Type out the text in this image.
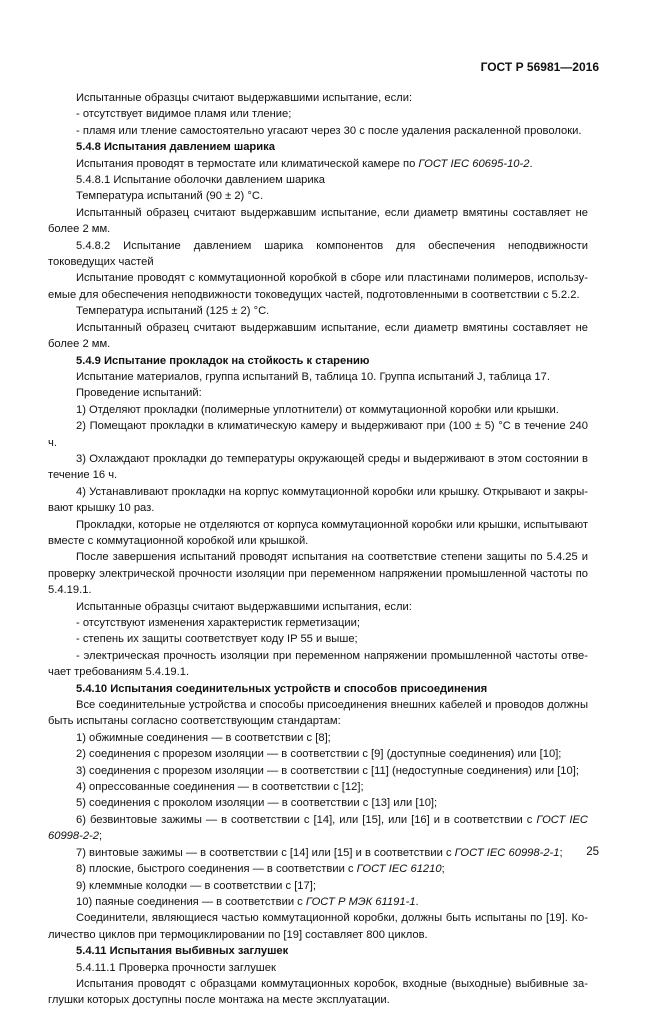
ГОСТ Р 56981—2016

Испытанные образцы считают выдержавшими испытание, если:

- отсутствует видимое пламя или тление;

- пламя или тление самостоятельно угасают через 30 с после удаления раскаленной проволоки.

5.4.8 Испытания давлением шарика

Испытания проводят в термостате или климатической камере по ГОСТ IEC 60695-10-2.

5.4.8.1 Испытание оболочки давлением шарика

Температура испытаний (90 ± 2) °С.

Испытанный образец считают выдержавшим испытание, если диаметр вмятины составляет не более 2 мм.

5.4.8.2 Испытание давлением шарика компонентов для обеспечения неподвижности токоведущих частей

Испытание проводят с коммутационной коробкой в сборе или пластинами полимеров, использу-емые для обеспечения неподвижности токоведущих частей, подготовленными в соответствии с 5.2.2.

Температура испытаний (125 ± 2) °С.

Испытанный образец считают выдержавшим испытание, если диаметр вмятины составляет не более 2 мм.

5.4.9 Испытание прокладок на стойкость к старению

Испытание материалов, группа испытаний В, таблица 10. Группа испытаний J, таблица 17.

Проведение испытаний:

1) Отделяют прокладки (полимерные уплотнители) от коммутационной коробки или крышки.

2) Помещают прокладки в климатическую камеру и выдерживают при (100 ± 5) °С в течение 240 ч.

3) Охлаждают прокладки до температуры окружающей среды и выдерживают в этом состоянии в течение 16 ч.

4) Устанавливают прокладки на корпус коммутационной коробки или крышку. Открывают и закры-вают крышку 10 раз.

Прокладки, которые не отделяются от корпуса коммутационной коробки или крышки, испытывают вместе с коммутационной коробкой или крышкой.

После завершения испытаний проводят испытания на соответствие степени защиты по 5.4.25 и проверку электрической прочности изоляции при переменном напряжении промышленной частоты по 5.4.19.1.

Испытанные образцы считают выдержавшими испытания, если:

- отсутствуют изменения характеристик герметизации;

- степень их защиты соответствует коду IP 55 и выше;

- электрическая прочность изоляции при переменном напряжении промышленной частоты отве-чает требованиям 5.4.19.1.

5.4.10 Испытания соединительных устройств и способов присоединения

Все соединительные устройства и способы присоединения внешних кабелей и проводов должны быть испытаны согласно соответствующим стандартам:

1) обжимные соединения — в соответствии с [8];

2) соединения с прорезом изоляции — в соответствии с [9] (доступные соединения) или [10];

3) соединения с прорезом изоляции — в соответствии с [11] (недоступные соединения) или [10];

4) опрессованные соединения — в соответствии с [12];

5) соединения с проколом изоляции — в соответствии с [13] или [10];

6) безвинтовые зажимы — в соответствии с [14], или [15], или [16] и в соответствии с ГОСТ IEC 60998-2-2;

7) винтовые зажимы — в соответствии с [14] или [15] и в соответствии с ГОСТ IEC 60998-2-1;

8) плоские, быстрого соединения — в соответствии с ГОСТ IEC 61210;

9) клеммные колодки — в соответствии с [17];

10) паяные соединения — в соответствии с ГОСТ Р МЭК 61191-1.

Соединители, являющиеся частью коммутационной коробки, должны быть испытаны по [19]. Ко-личество циклов при термоциклировании по [19] составляет 800 циклов.

5.4.11 Испытания выбивных заглушек

5.4.11.1 Проверка прочности заглушек

Испытания проводят с образцами коммутационных коробок, входные (выходные) выбивные за-глушки которых доступны после монтажа на месте эксплуатации.

25
